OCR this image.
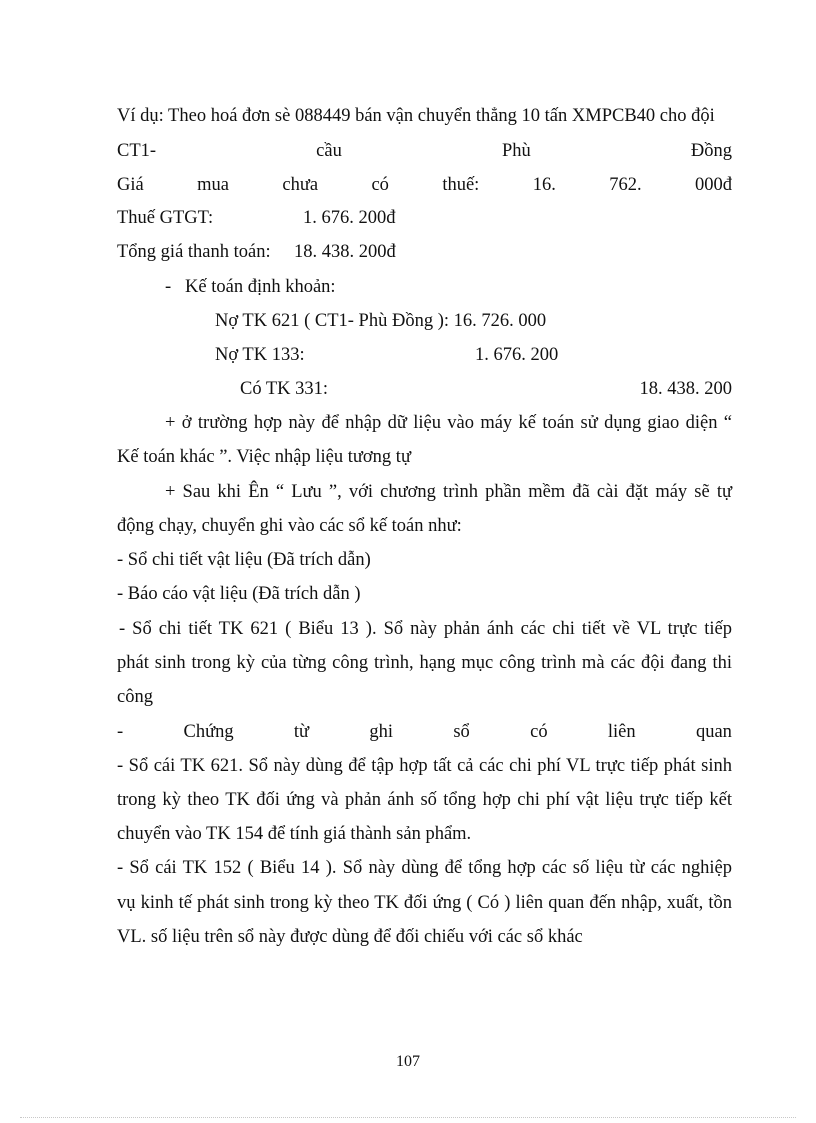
Ví dụ: Theo hoá đơn sè 088449 bán vận chuyển thẳng 10 tấn XMPCB40 cho đội
CT1-	cầu	Phù	Đồng
Giá	mua	chưa	có	thuế:	16.	762.	000đ
Thuế GTGT:	1. 676. 200đ
Tổng giá thanh toán: 18. 438. 200đ
-   Kế toán định khoản:
Nợ TK 621 ( CT1- Phù Đồng ): 16. 726. 000
Nợ TK 133:	1. 676. 200
Có TK 331:	18. 438. 200
+ ở trường hợp này để nhập dữ liệu vào máy kế toán sử dụng giao diện “
Kế toán khác ”. Việc nhập liệu tương tự
+ Sau khi Ên “ Lưu ”, với chương trình phần mềm đã cài đặt máy sẽ tự
động chạy, chuyển ghi vào các sổ kế toán như:
- Sổ chi tiết vật liệu (Đã trích dẫn)
- Báo cáo vật liệu (Đã trích dẫn )
- Sổ chi tiết TK 621 ( Biểu 13 ). Sổ này phản ánh các chi tiết về VL trực tiếp
phát sinh trong kỳ của từng công trình, hạng mục công trình mà các đội đang thi
công
-	Chứng	từ	ghi	sổ	có	liên	quan
- Sổ cái TK 621. Sổ này dùng để tập hợp tất cả các chi phí VL trực tiếp phát sinh
trong kỳ theo TK đối ứng và phản ánh số tổng hợp chi phí vật liệu trực tiếp kết
chuyển vào TK 154 để tính giá thành sản phẩm.
- Sổ cái TK 152 ( Biểu 14 ). Sổ này dùng để tổng hợp các số liệu từ các nghiệp
vụ kinh tế phát sinh trong kỳ theo TK đối ứng ( Có ) liên quan đến nhập, xuất, tồn
VL. số liệu trên sổ này được dùng để đối chiếu với các sổ khác
107
